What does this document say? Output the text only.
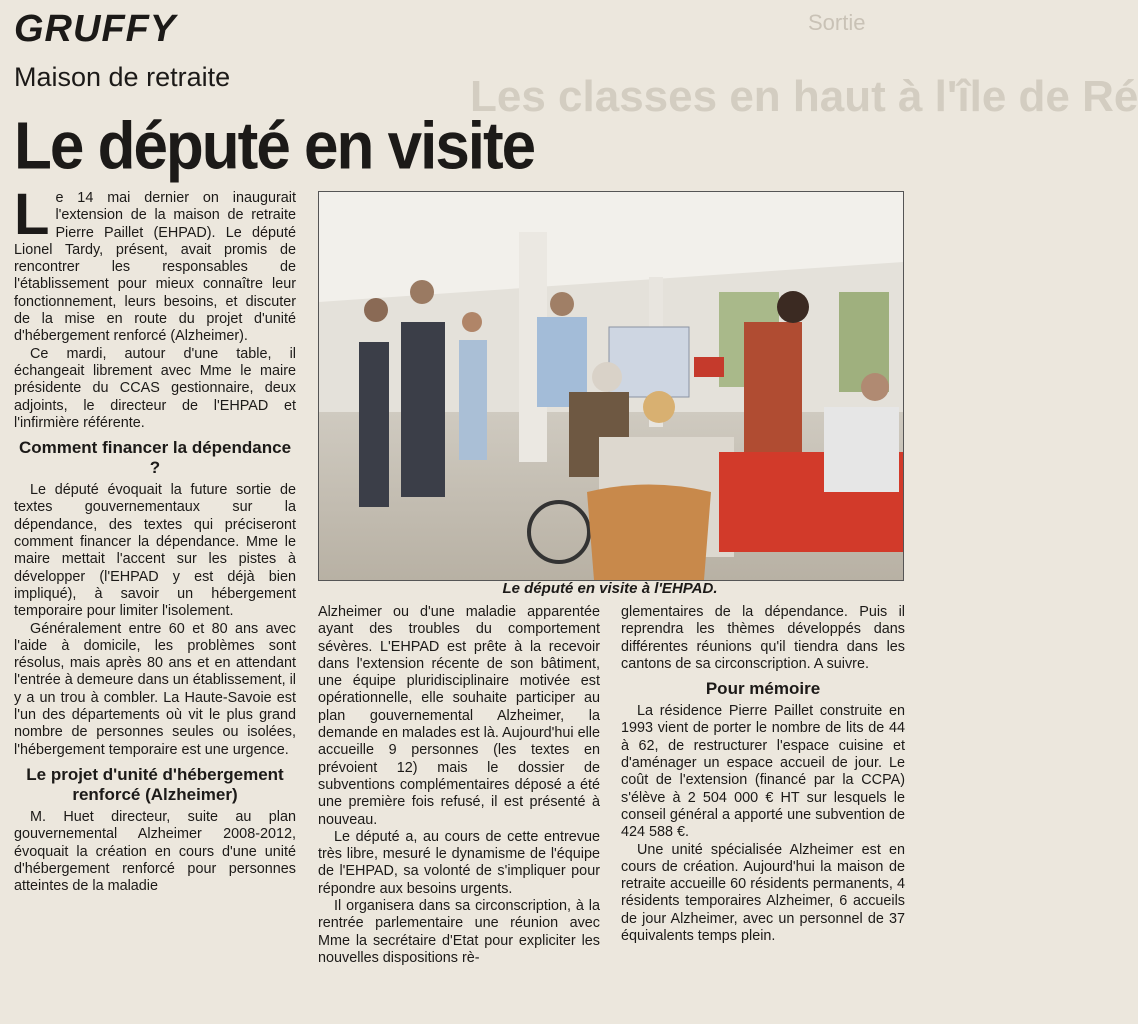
GRUFFY	Sortie
Les classes en haut à l'île de Ré
Maison de retraite
Le député en visite

Le 14 mai dernier on inaugurait l'extension de la maison de retraite Pierre Paillet (EHPAD). Le député Lionel Tardy, présent, avait promis de rencontrer les responsables de l'établissement pour mieux connaître leur fonctionnement, leurs besoins, et discuter de la mise en route du projet d'unité d'hébergement renforcé (Alzheimer).

Ce mardi, autour d'une table, il échangeait librement avec Mme le maire présidente du CCAS gestionnaire, deux adjoints, le directeur de l'EHPAD et l'infirmière référente.

Comment financer la dépendance ?

Le député évoquait la future sortie de textes gouvernementaux sur la dépendance, des textes qui préciseront comment financer la dépendance. Mme le maire mettait l'accent sur les pistes à développer (l'EHPAD y est déjà bien impliqué), à savoir un hébergement temporaire pour limiter l'isolement.

Généralement entre 60 et 80 ans avec l'aide à domicile, les problèmes sont résolus, mais après 80 ans et en attendant l'entrée à demeure dans un établissement, il y a un trou à combler. La Haute-Savoie est l'un des départements où vit le plus grand nombre de personnes seules ou isolées, l'hébergement temporaire est une urgence.

Le projet d'unité d'hébergement renforcé (Alzheimer)

M. Huet directeur, suite au plan gouvernemental Alzheimer 2008-2012, évoquait la création en cours d'une unité d'hébergement renforcé pour personnes atteintes de la maladie

Le député en visite à l'EHPAD.

Alzheimer ou d'une maladie apparentée ayant des troubles du comportement sévères. L'EHPAD est prête à la recevoir dans l'extension récente de son bâtiment, une équipe pluridisciplinaire motivée est opérationnelle, elle souhaite participer au plan gouvernemental Alzheimer, la demande en malades est là. Aujourd'hui elle accueille 9 personnes (les textes en prévoient 12) mais le dossier de subventions complémentaires déposé a été une première fois refusé, il est présenté à nouveau.

Le député a, au cours de cette entrevue très libre, mesuré le dynamisme de l'équipe de l'EHPAD, sa volonté de s'impliquer pour répondre aux besoins urgents.

Il organisera dans sa circonscription, à la rentrée parlementaire une réunion avec Mme la secrétaire d'Etat pour expliciter les nouvelles dispositions rè-

glementaires de la dépendance. Puis il reprendra les thèmes développés dans différentes réunions qu'il tiendra dans les cantons de sa circonscription. A suivre.

Pour mémoire

La résidence Pierre Paillet construite en 1993 vient de porter le nombre de lits de 44 à 62, de restructurer l'espace cuisine et d'aménager un espace accueil de jour. Le coût de l'extension (financé par la CCPA) s'élève à 2 504 000 € HT sur lesquels le conseil général a apporté une subvention de 424 588 €.

Une unité spécialisée Alzheimer est en cours de création. Aujourd'hui la maison de retraite accueille 60 résidents permanents, 4 résidents temporaires Alzheimer, 6 accueils de jour Alzheimer, avec un personnel de 37 équivalents temps plein.
